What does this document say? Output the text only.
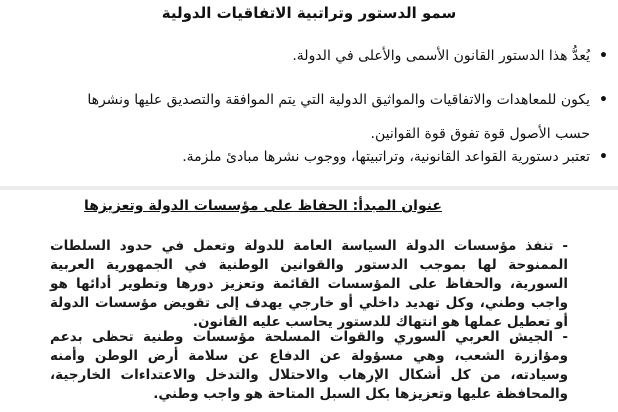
سمو الدستور وتراتبية الاتفاقيات الدولية
•
يُعدُّ هذا الدستور القانون الأسمى والأعلى في الدولة.
•
يكون للمعاهدات والاتفاقيات والمواثيق الدولية التي يتم الموافقة والتصديق عليها ونشرها حسب الأصول قوة تفوق قوة القوانين.
•
تعتبر دستورية القواعد القانونية، وتراتبيتها، ووجوب نشرها مبادئ ملزمة.
عنوان المبدأ: الحفاظ على مؤسسات الدولة وتعزيزها
- تنفذ مؤسسات الدولة السياسة العامة للدولة وتعمل في حدود السلطات الممنوحة لها بموجب الدستور والقوانين الوطنية في الجمهورية العربية السورية، والحفاظ على المؤسسات القائمة وتعزيز دورها وتطوير أدائها هو واجب وطني، وكل تهديد داخلي أو خارجي يهدف إلى تقويض مؤسسات الدولة أو تعطيل عملها هو انتهاك للدستور يحاسب عليه القانون.
- الجيش العربي السوري والقوات المسلحة مؤسسات وطنية تحظى بدعم ومؤازرة الشعب، وهي مسؤولة عن الدفاع عن سلامة أرض الوطن وأمنه وسيادته، من كل أشكال الإرهاب والاحتلال والتدخل والاعتداءات الخارجية، والمحافظة عليها وتعزيزها بكل السبل المتاحة هو واجب وطني.
